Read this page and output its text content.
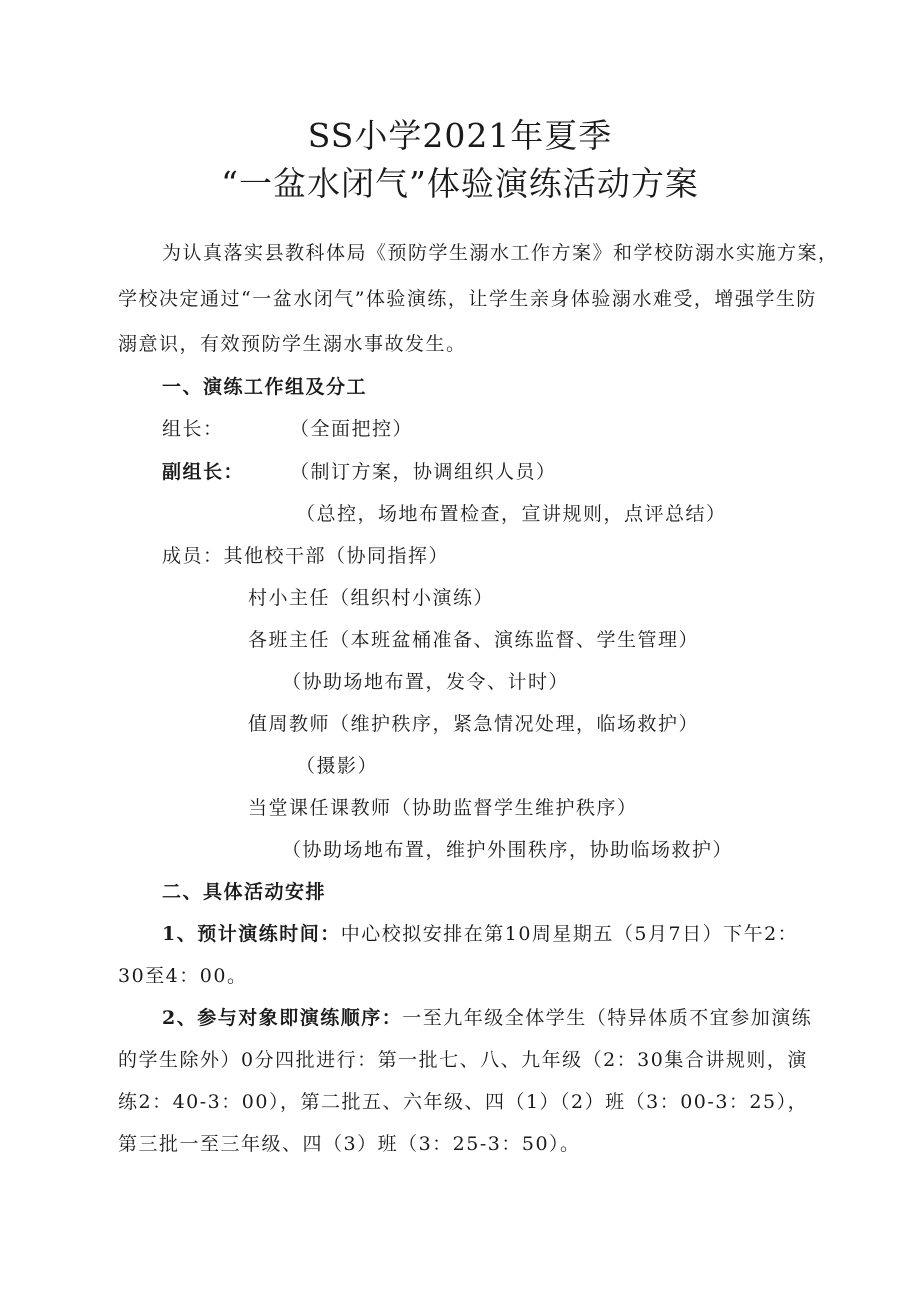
SS小学2021年夏季
“一盆水闭气”体验演练活动方案

为认真落实县教科体局《预防学生溺水工作方案》和学校防溺水实施方案，

学校决定通过“一盆水闭气”体验演练，让学生亲身体验溺水难受，增强学生防

溺意识，有效预防学生溺水事故发生。

一、演练工作组及分工

组长：	（全面把控）

副组长： （制订方案，协调组织人员）

（总控，场地布置检查，宣讲规则，点评总结）

成员：其他校干部（协同指挥）

村小主任（组织村小演练）

各班主任（本班盆桶准备、演练监督、学生管理）

（协助场地布置，发令、计时）

值周教师（维护秩序，紧急情况处理，临场救护）

（摄影）

当堂课任课教师（协助监督学生维护秩序）

（协助场地布置，维护外围秩序，协助临场救护）

二、具体活动安排

1、预计演练时间：中心校拟安排在第10周星期五（5月7日）下午2：

30至4：00。

2、参与对象即演练顺序：一至九年级全体学生（特异体质不宜参加演练

的学生除外）0分四批进行：第一批七、八、九年级（2：30集合讲规则，演

练2：40-3：00），第二批五、六年级、四（1）（2）班（3：00-3：25），

第三批一至三年级、四（3）班（3：25-3：50）。
